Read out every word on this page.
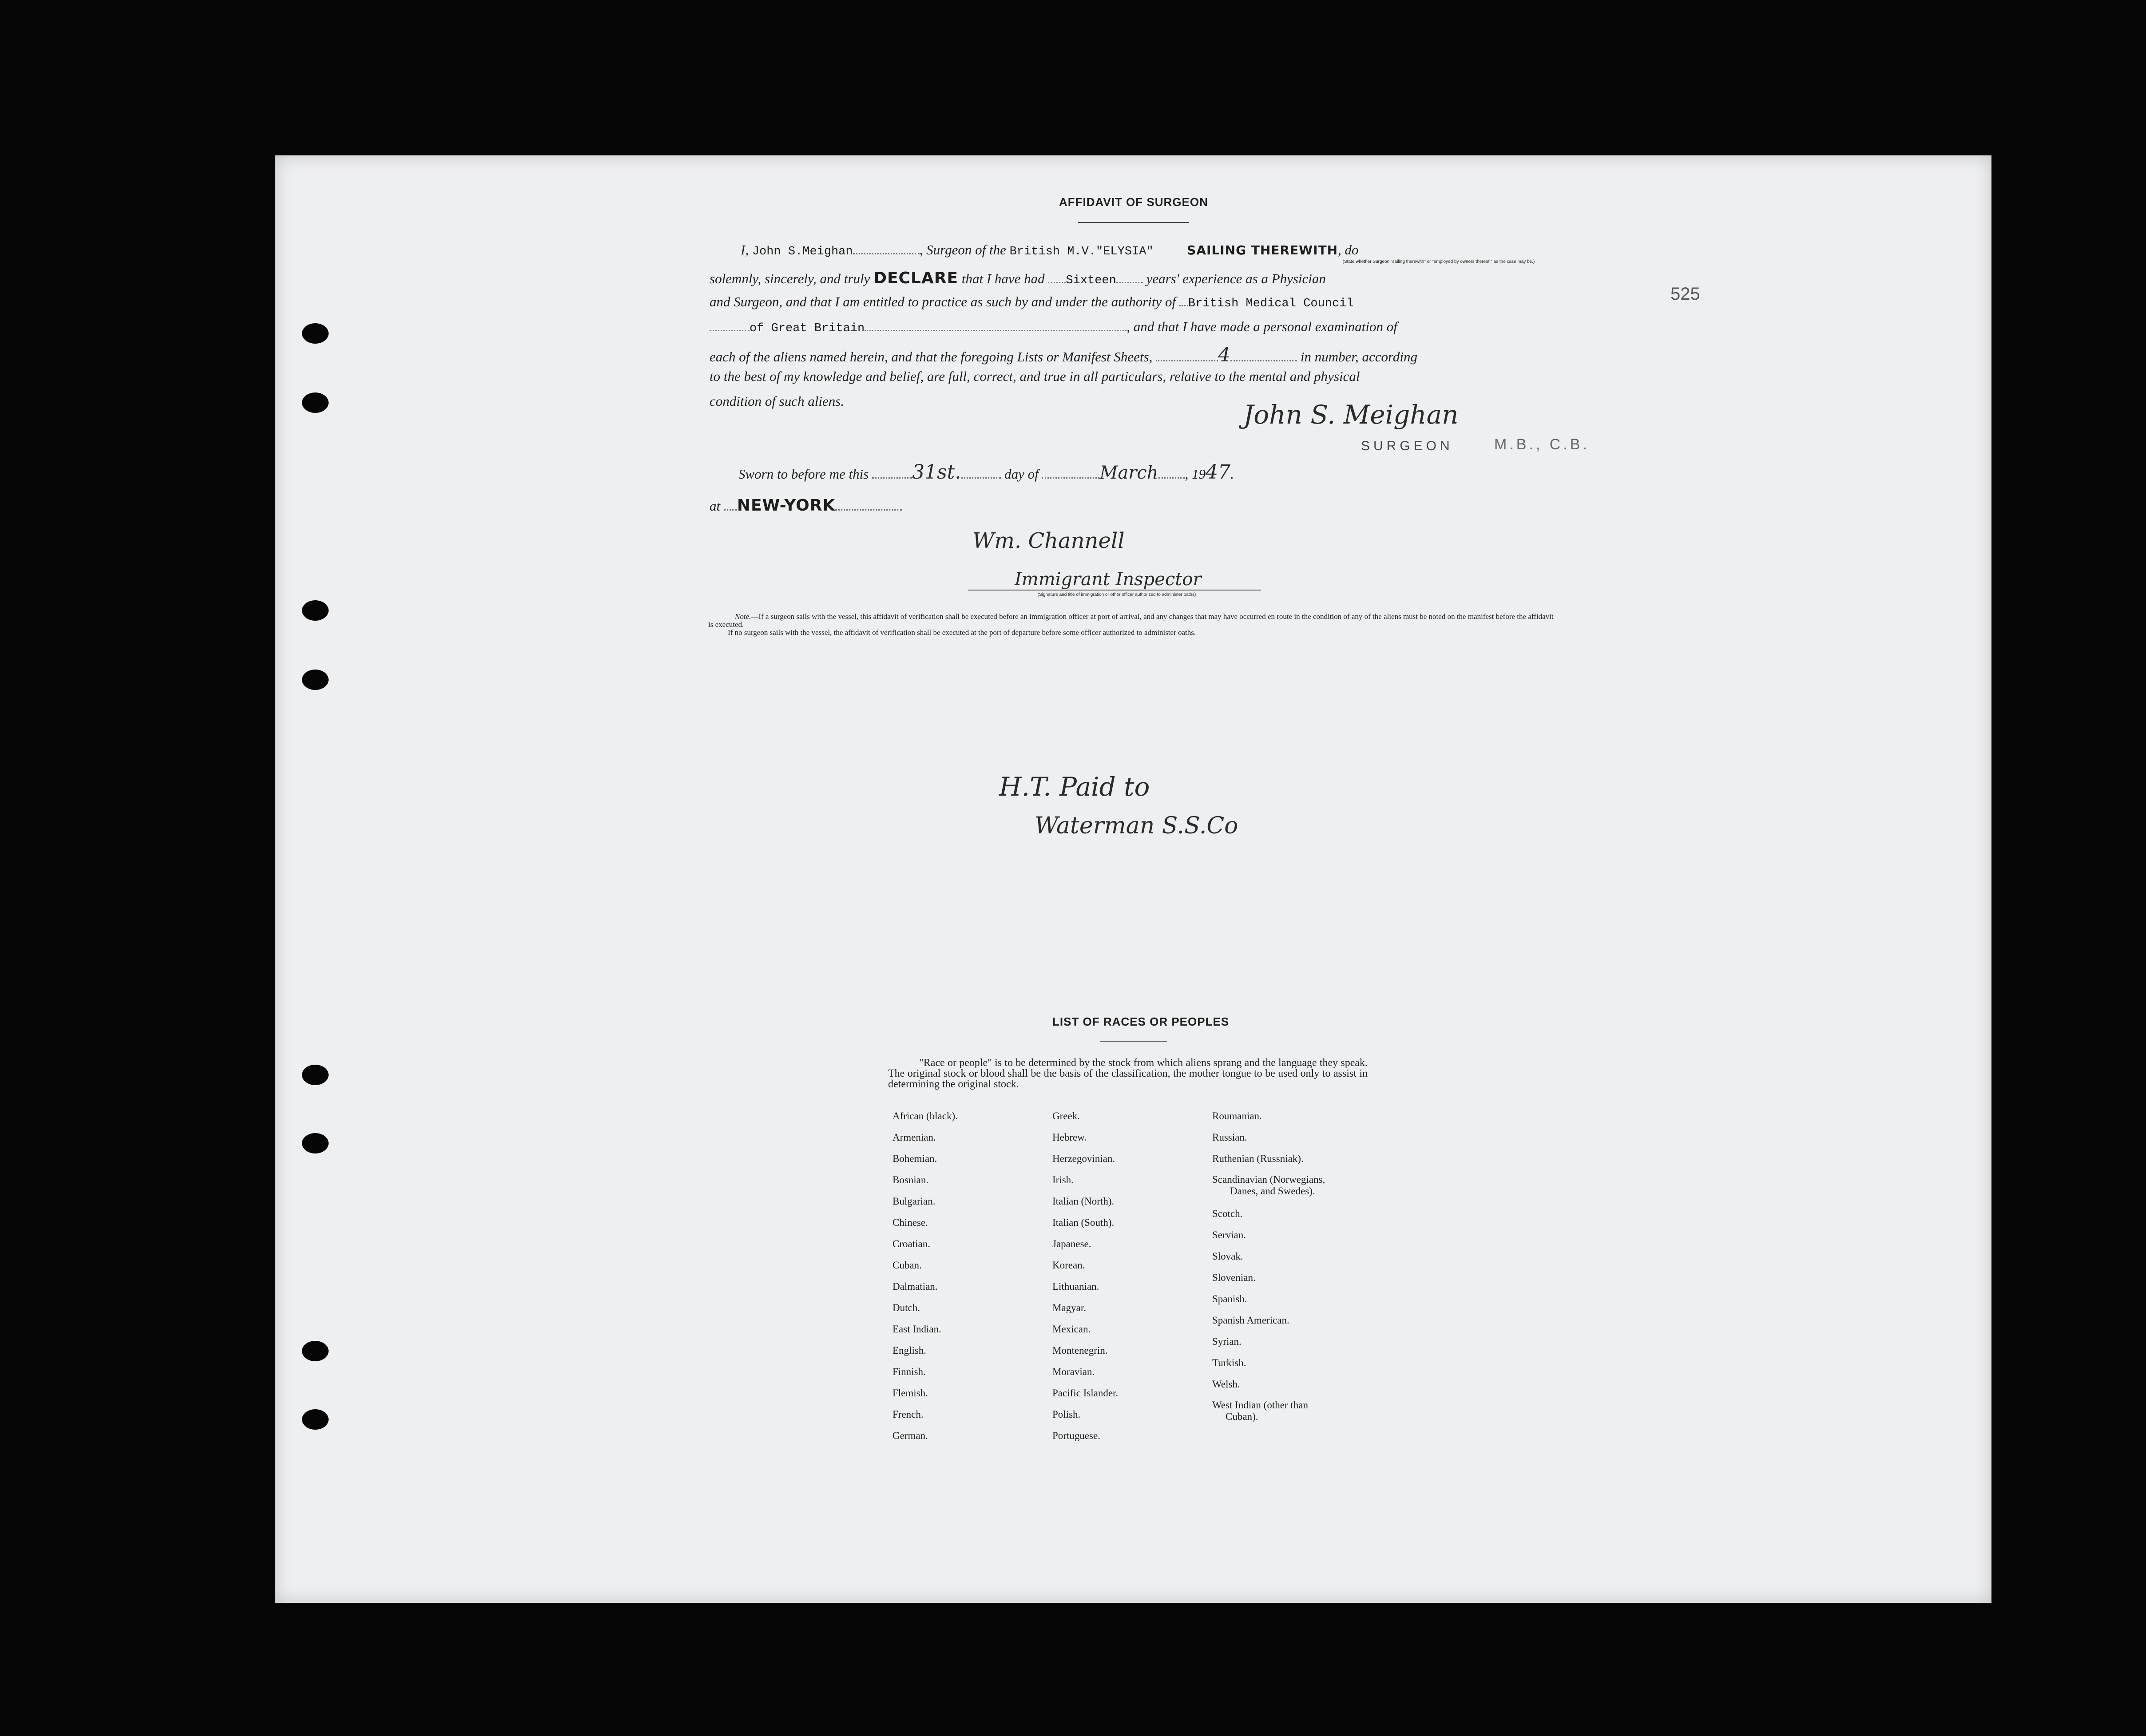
AFFIDAVIT OF SURGEON
525
I, John S.Meighan	, Surgeon of the British M.V."ELYSIA"	SAILING THEREWITH, do
(State whether Surgeon "sailing therewith" or "employed by owners thereof," as the case may be.)
solemnly, sincerely, and truly DECLARE that I have had Sixteen years' experience as a Physician
and Surgeon, and that I am entitled to practice as such by and under the authority of British Medical Council
of Great Britain	, and that I have made a personal examination of
each of the aliens named herein, and that the foregoing Lists or Manifest Sheets,	4	in number, according
to the best of my knowledge and belief, are full, correct, and true in all particulars, relative to the mental and physical
condition of such aliens.	John S. Meighan
SURGEON	M.B., C.B.
Sworn to before me this 31st.	day of	March , 1947.
at NEW-YORK
Wm. Channell
Immigrant Inspector
(Signature and title of immigration or other officer authorized to administer oaths)
Note.—If a surgeon sails with the vessel, this affidavit of verification shall be executed before an immigration officer at port of arrival, and any changes that may have occurred en route in the condition of any of the aliens must be noted on the manifest before the affidavit is executed.
If no surgeon sails with the vessel, the affidavit of verification shall be executed at the port of departure before some officer authorized to administer oaths.
H.T. Paid to
Waterman S.S.Co
LIST OF RACES OR PEOPLES
"Race or people" is to be determined by the stock from which aliens sprang and the language they speak. The original stock or blood shall be the basis of the classification, the mother tongue to be used only to assist in determining the original stock.
African (black).
Armenian.
Bohemian.
Bosnian.
Bulgarian.
Chinese.
Croatian.
Cuban.
Dalmatian.
Dutch.
East Indian.
English.
Finnish.
Flemish.
French.
German.
Greek.
Hebrew.
Herzegovinian.
Irish.
Italian (North).
Italian (South).
Japanese.
Korean.
Lithuanian.
Magyar.
Mexican.
Montenegrin.
Moravian.
Pacific Islander.
Polish.
Portuguese.
Roumanian.
Russian.
Ruthenian (Russniak).
Scandinavian (Norwegians,
Danes, and Swedes).
Scotch.
Servian.
Slovak.
Slovenian.
Spanish.
Spanish American.
Syrian.
Turkish.
Welsh.
West Indian (other than
Cuban).
